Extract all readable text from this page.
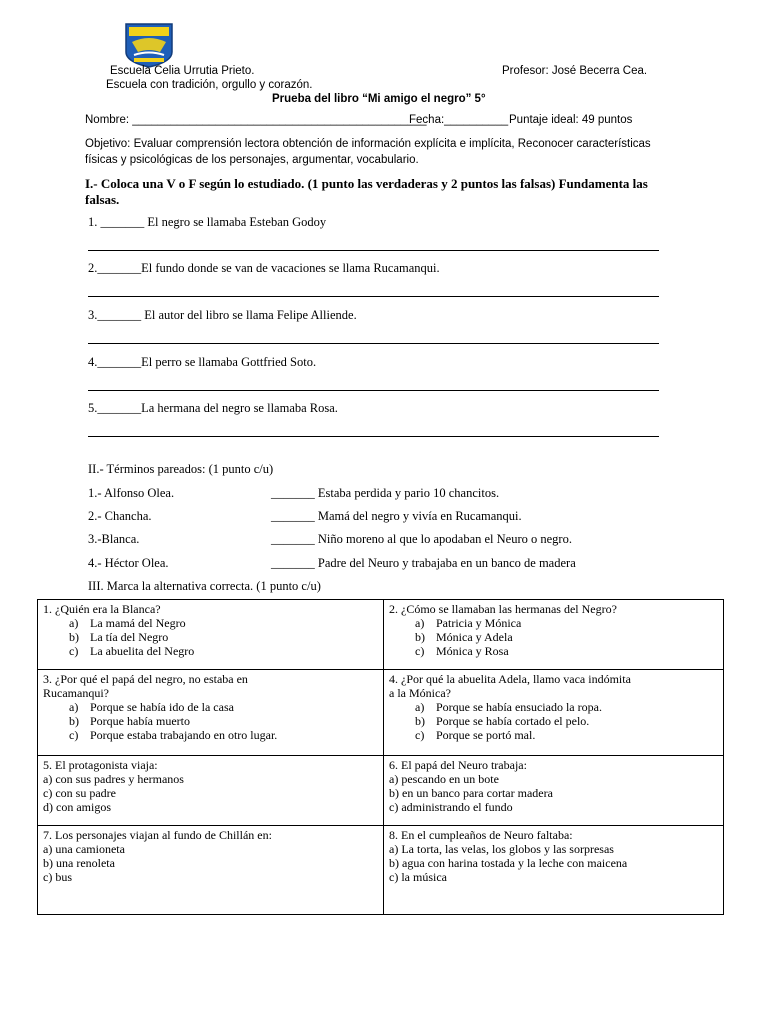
Escuela Celia Urrutia Prieto.	Profesor: José Becerra Cea.
Escuela con tradición, orgullo y corazón.
Prueba del libro “Mi amigo el negro” 5°
Nombre: ______________________________________________
Fecha:__________ Puntaje ideal: 49 puntos
Objetivo: Evaluar comprensión lectora obtención de información explícita e implícita, Reconocer características físicas y psicológicas de los personajes, argumentar, vocabulario.
I.- Coloca una V o F según lo estudiado. (1 punto las verdaderas y 2 puntos las falsas) Fundamenta las falsas.
1. _______ El negro se llamaba Esteban Godoy
2._______El fundo donde se van de vacaciones se llama Rucamanqui.
3._______ El autor del libro se llama Felipe Alliende.
4._______El perro se llamaba Gottfried Soto.
5._______La hermana del negro se llamaba Rosa.
II.- Términos pareados: (1 punto c/u)
1.- Alfonso Olea.	_______ Estaba perdida y pario 10 chancitos.
2.- Chancha.	_______ Mamá del negro y vivía en Rucamanqui.
3.-Blanca.	_______ Niño moreno al que lo apodaban el Neuro o negro.
4.- Héctor Olea.	_______ Padre del Neuro y trabajaba en un banco de madera
III. Marca la alternativa correcta. (1 punto c/u)
1. ¿Quién era la Blanca?
a) La mamá del Negro
b) La tía del Negro
c) La abuelita del Negro
2. ¿Cómo se llamaban las hermanas del Negro?
a) Patricia y Mónica
b) Mónica y Adela
c) Mónica y Rosa
3. ¿Por qué el papá del negro, no estaba en
Rucamanqui?
a) Porque se había ido de la casa
b) Porque había muerto
c) Porque estaba trabajando en otro lugar.
4. ¿Por qué la abuelita Adela, llamo vaca indómita
a la Mónica?
a) Porque se había ensuciado la ropa.
b) Porque se había cortado el pelo.
c) Porque se portó mal.
5. El protagonista viaja:
a) con sus padres y hermanos
c) con su padre
d) con amigos
6. El papá del Neuro trabaja:
a) pescando en un bote
b) en un banco para cortar madera
c) administrando el fundo
7. Los personajes viajan al fundo de Chillán en:
a) una camioneta
b) una renoleta
c) bus
8. En el cumpleaños de Neuro faltaba:
a) La torta, las velas, los globos y las sorpresas
b) agua con harina tostada y la leche con maicena
c) la música
